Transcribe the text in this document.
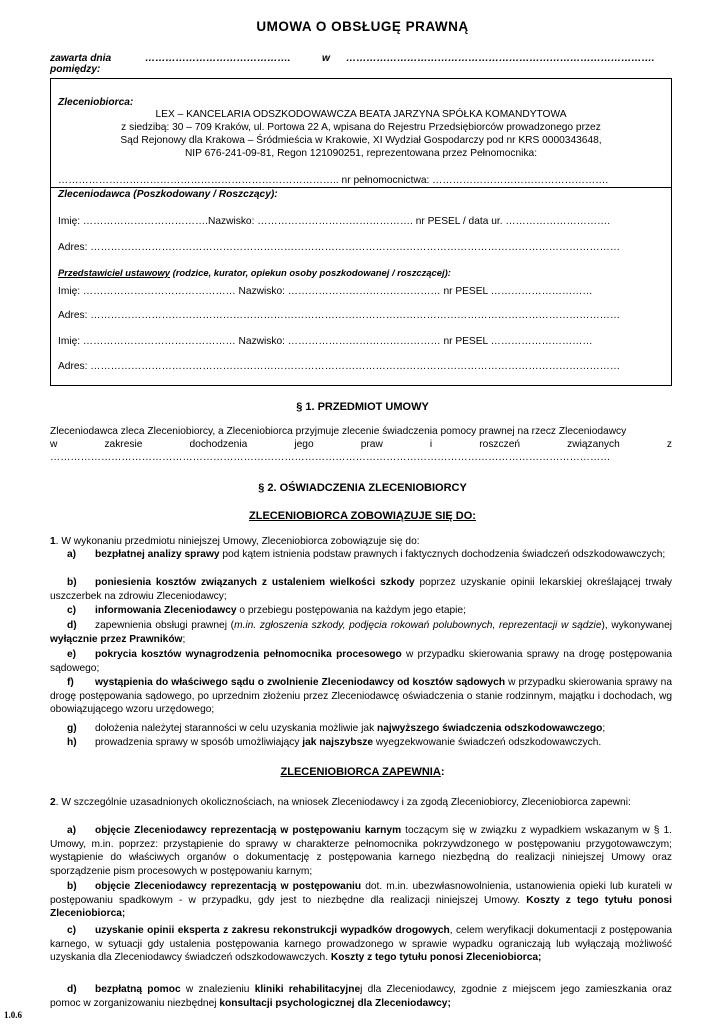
UMOWA O OBSŁUGĘ PRAWNĄ
zawarta dnia	…………………………………….	w ……………………………………………………………………………….
pomiędzy:
Zleceniobiorca:
LEX – KANCELARIA ODSZKODOWAWCZA BEATA JARZYNA SPÓŁKA KOMANDYTOWA
z siedzibą: 30 – 709 Kraków, ul. Portowa 22 A, wpisana do Rejestru Przedsiębiorców prowadzonego przez
Sąd Rejonowy dla Krakowa – Śródmieścia w Krakowie, XI Wydział Gospodarczy pod nr KRS 0000343648,
NIP 676-241-09-81, Regon 121090251, reprezentowana przez Pełnomocnika:
……………………………………………………………………….. nr pełnomocnictwa: …………………………………………….
Zleceniodawca (Poszkodowany / Roszczący):
Imię: ……………………………….Nazwisko: ………………………………………. nr PESEL / data ur. ………………………….
Adres: …………………………………………………………………………………………………………………………………………
Przedstawiciel ustawowy (rodzice, kurator, opiekun osoby poszkodowanej / roszczącej):
Imię: ……………………………………… Nazwisko: ……………………………………… nr PESEL …………………………
Adres: …………………………………………………………………………………………………………………………………………
Imię: ……………………………………… Nazwisko: ……………………………………… nr PESEL …………………………
Adres: …………………………………………………………………………………………………………………………………………
§ 1. PRZEDMIOT UMOWY
Zleceniodawca zleca Zleceniobiorcy, a Zleceniobiorca przyjmuje zlecenie świadczenia pomocy prawnej na rzecz Zleceniodawcy
w	zakresie	dochodzenia	jego	praw	i	roszczeń	związanych	z
…………………………………………………………………………………………………………………………………………………
§ 2. OŚWIADCZENIA ZLECENIOBIORCY
ZLECENIOBIORCA ZOBOWIĄZUJE SIĘ DO:
1. W wykonaniu przedmiotu niniejszej Umowy, Zleceniobiorca zobowiązuje się do:
a) bezpłatnej analizy sprawy pod kątem istnienia podstaw prawnych i faktycznych dochodzenia świadczeń odszkodowawczych;
b) poniesienia kosztów związanych z ustaleniem wielkości szkody poprzez uzyskanie opinii lekarskiej określającej trwały uszczerbek na zdrowiu Zleceniodawcy;
c) informowania Zleceniodawcy o przebiegu postępowania na każdym jego etapie;
d) zapewnienia obsługi prawnej (m.in. zgłoszenia szkody, podjęcia rokowań polubownych, reprezentacji w sądzie), wykonywanej wyłącznie przez Prawników;
e) pokrycia kosztów wynagrodzenia pełnomocnika procesowego w przypadku skierowania sprawy na drogę postępowania sądowego;
f) wystąpienia do właściwego sądu o zwolnienie Zleceniodawcy od kosztów sądowych w przypadku skierowania sprawy na drogę postępowania sądowego, po uprzednim złożeniu przez Zleceniodawcę oświadczenia o stanie rodzinnym, majątku i dochodach, wg obowiązującego wzoru urzędowego;
g) dołożenia należytej staranności w celu uzyskania możliwie jak najwyższego świadczenia odszkodowawczego;
h) prowadzenia sprawy w sposób umożliwiający jak najszybsze wyegzekwowanie świadczeń odszkodowawczych.
ZLECENIOBIORCA ZAPEWNIA:
2. W szczególnie uzasadnionych okolicznościach, na wniosek Zleceniodawcy i za zgodą Zleceniobiorcy, Zleceniobiorca zapewni:
a) objęcie Zleceniodawcy reprezentacją w postępowaniu karnym toczącym się w związku z wypadkiem wskazanym w § 1. Umowy, m.in. poprzez: przystąpienie do sprawy w charakterze pełnomocnika pokrzywdzonego w postępowaniu przygotowawczym; wystąpienie do właściwych organów o dokumentację z postępowania karnego niezbędną do realizacji niniejszej Umowy oraz sporządzenie pism procesowych w postępowaniu karnym;
b) objęcie Zleceniodawcy reprezentacją w postępowaniu dot. m.in. ubezwłasnowolnienia, ustanowienia opieki lub kurateli w postępowaniu spadkowym - w przypadku, gdy jest to niezbędne dla realizacji niniejszej Umowy. Koszty z tego tytułu ponosi Zleceniobiorca;
c) uzyskanie opinii eksperta z zakresu rekonstrukcji wypadków drogowych, celem weryfikacji dokumentacji z postępowania karnego, w sytuacji gdy ustalenia postępowania karnego prowadzonego w sprawie wypadku ograniczają lub wyłączają możliwość uzyskania dla Zleceniodawcy świadczeń odszkodowawczych. Koszty z tego tytułu ponosi Zleceniobiorca;
d) bezpłatną pomoc w znalezieniu kliniki rehabilitacyjnej dla Zleceniodawcy, zgodnie z miejscem jego zamieszkania oraz pomoc w zorganizowaniu niezbędnej konsultacji psychologicznej dla Zleceniodawcy;
1.0.6
